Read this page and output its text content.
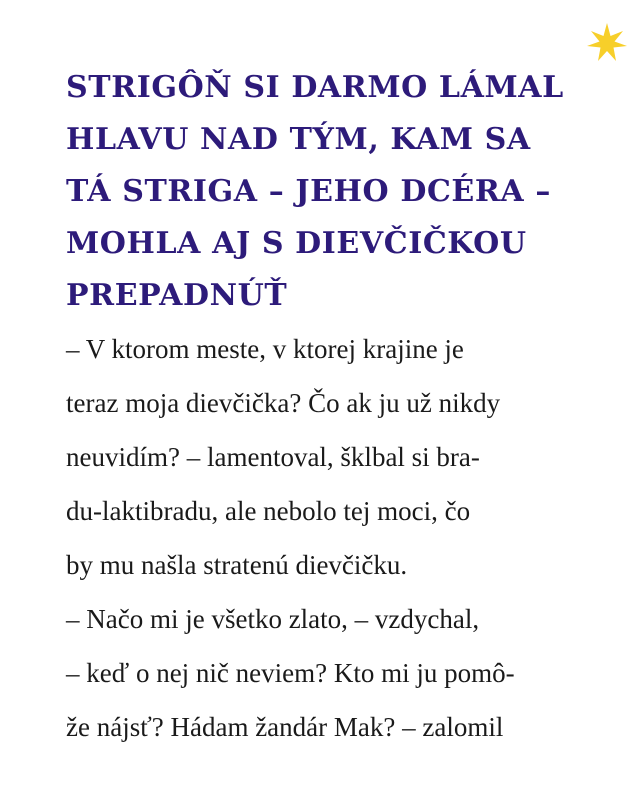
STRIGÔŇ SI DARMO LÁMAL
HLAVU NAD TÝM, KAM SA
TÁ STRIGA – JEHO DCÉRA –
MOHLA AJ S DIEVČIČKOU
PREPADNÚŤ
– V ktorom meste, v ktorej krajine je
teraz moja dievčička? Čo ak ju už nikdy
neuvidím? – lamentoval, šklbal si bra-
du-laktibradu, ale nebolo tej moci, čo
by mu našla stratenú dievčičku.
– Načo mi je všetko zlato, – vzdychal,
– keď o nej nič neviem? Kto mi ju pomô-
že nájsť? Hádam žandár Mak? – zalomil
